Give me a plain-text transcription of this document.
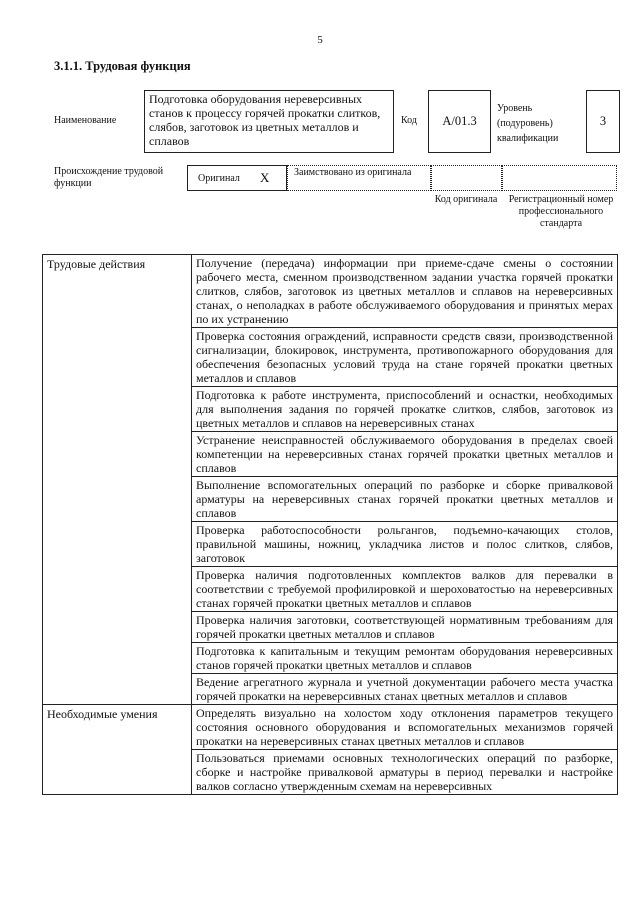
5
3.1.1. Трудовая функция
Наименование
Подготовка оборудования нереверсивных станов к процессу горячей прокатки слитков, слябов, заготовок из цветных металлов и сплавов
Код A/01.3
Уровень (подуровень) квалификации
3
Происхождение трудовой функции	Оригинал X Заимствовано из оригинала
Код оригинала	Регистрационный номер профессионального стандарта
Трудовые действия	Получение (передача) информации при приеме-сдаче смены о состоянии рабочего места, сменном производственном задании участка горячей прокатки слитков, слябов, заготовок из цветных металлов и сплавов на нереверсивных станах, о неполадках в работе обслуживаемого оборудования и принятых мерах по их устранению
	Проверка состояния ограждений, исправности средств связи, производственной сигнализации, блокировок, инструмента, противопожарного оборудования для обеспечения безопасных условий труда на стане горячей прокатки цветных металлов и сплавов
	Подготовка к работе инструмента, приспособлений и оснастки, необходимых для выполнения задания по горячей прокатке слитков, слябов, заготовок из цветных металлов и сплавов на нереверсивных станах
	Устранение неисправностей обслуживаемого оборудования в пределах своей компетенции на нереверсивных станах горячей прокатки цветных металлов и сплавов
	Выполнение вспомогательных операций по разборке и сборке привалковой арматуры на нереверсивных станах горячей прокатки цветных металлов и сплавов
	Проверка работоспособности рольгангов, подъемно-качающих столов, правильной машины, ножниц, укладчика листов и полос слитков, слябов, заготовок
	Проверка наличия подготовленных комплектов валков для перевалки в соответствии с требуемой профилировкой и шероховатостью на нереверсивных станах горячей прокатки цветных металлов и сплавов
	Проверка наличия заготовки, соответствующей нормативным требованиям для горячей прокатки цветных металлов и сплавов
	Подготовка к капитальным и текущим ремонтам оборудования нереверсивных станов горячей прокатки цветных металлов и сплавов
	Ведение агрегатного журнала и учетной документации рабочего места участка горячей прокатки на нереверсивных станах цветных металлов и сплавов
Необходимые умения	Определять визуально на холостом ходу отклонения параметров текущего состояния основного оборудования и вспомогательных механизмов горячей прокатки на нереверсивных станах цветных металлов и сплавов
	Пользоваться приемами основных технологических операций по разборке, сборке и настройке привалковой арматуры в период перевалки и настройке валков согласно утвержденным схемам на нереверсивных
